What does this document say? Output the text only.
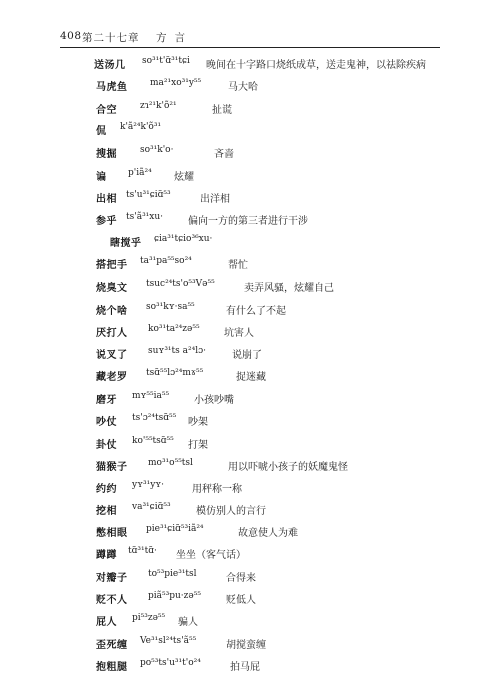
408 第二十七章 方言
送汤几 so³¹t'ɑ̃³¹tɕi 晚间在十字路口烧纸成草，送走鬼神，以祛除疾病
马虎鱼	ma²¹xo³¹y⁵⁵	马大哈
合空	zɿ²¹k'õ²¹	扯谎
侃 k'ã²⁴k'õ³¹
搜掘	so³¹k'o·	吝啬
谝 p'iã²⁴ 炫耀
出相 ts'u³¹ɕiɑ̃⁵³	出洋相
参乎 ts'ã³¹xu· 偏向一方的第三者进行干涉
瞎搅乎 ɕia³¹tɕio³⁶xu·
搭把手 ta³¹pa⁵⁵so²⁴	帮忙
烧臭文 tsuc²⁴ts'o⁵³Və⁵⁵	卖弄风骚，炫耀自己
烧个啥 so³¹kʏ·sa⁵⁵	有什么了不起
厌打人 ko³¹ta²⁴zə⁵⁵ 坑害人
说叉了 suʏ³¹ts a²⁴lɔ·	说崩了
藏老罗 tsɑ̃⁵⁵lɔ²⁴mɤ⁵⁵	捉迷藏
磨牙 mʏ⁵⁵ia⁵⁵ 小孩吵嘴
吵仗 ts'ɔ²⁴tsɑ̃⁵⁵ 吵架
卦仗 ko'⁵⁵tsɑ̃⁵⁵ 打架
猫猴子 mo³¹o⁵⁵tsl	用以吓唬小孩子的妖魔鬼怪
约约 yʏ³¹yʏ·	用秤称一称
挖相 va³¹ɕiɑ̃⁵³	模仿别人的言行
憋相眼 pie³¹ɕiɑ̃⁵³iã²⁴	故意使人为难
蹲蹲 tɑ̃³¹tɑ̃· 坐坐（客气话）
对瓣子 to⁵³pie³¹tsl	合得来
贬不人 piã⁵³pu·zə⁵⁵	贬低人
屁人 pi⁵³zə⁵⁵ 骗人
歪死缠 Ve³¹sl²⁴ts'ã⁵⁵	胡搅蛮缠
抱粗腿 po⁵³ts'u³¹t'o²⁴	拍马屁
